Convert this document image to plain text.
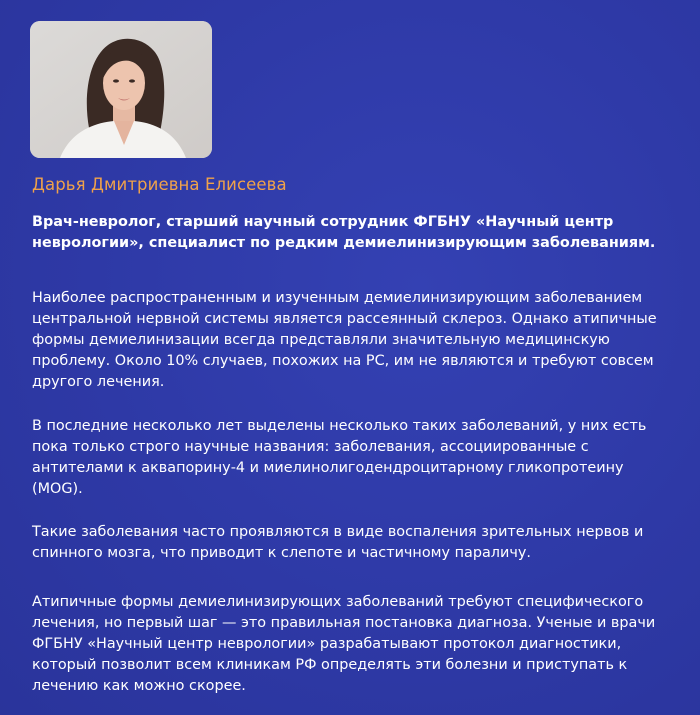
Дарья Дмитриевна Елисеева
Врач-невролог, старший научный сотрудник ФГБНУ «Научный центр неврологии», специалист по редким демиелинизирующим заболеваниям.
Наиболее распространенным и изученным демиелинизирующим заболеванием центральной нервной системы является рассеянный склероз. Однако атипичные формы демиелинизации всегда представляли значительную медицинскую проблему. Около 10% случаев, похожих на РС, им не являются и требуют совсем другого лечения.
В последние несколько лет выделены несколько таких заболеваний, у них есть пока только строго научные названия: заболевания, ассоциированные с антителами к аквапорину-4 и миелинолигодендроцитарному гликопротеину (MOG).
Такие заболевания часто проявляются в виде воспаления зрительных нервов и спинного мозга, что приводит к слепоте и частичному параличу.
Атипичные формы демиелинизирующих заболеваний требуют специфического лечения, но первый шаг — это правильная постановка диагноза. Ученые и врачи ФГБНУ «Научный центр неврологии» разрабатывают протокол диагностики, который позволит всем клиникам РФ определять эти болезни и приступать к лечению как можно скорее.
